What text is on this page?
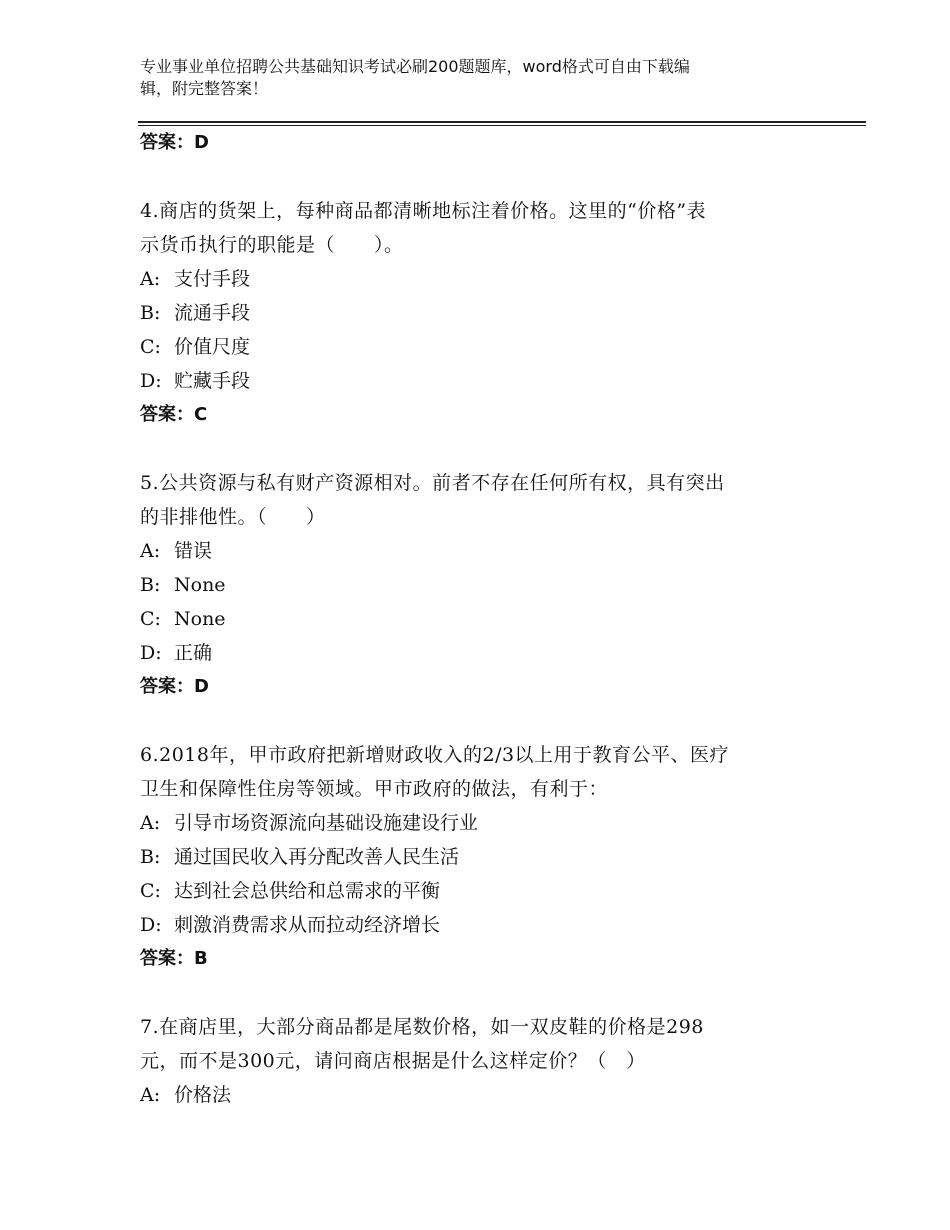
专业事业单位招聘公共基础知识考试必刷200题题库，word格式可自由下载编
辑，附完整答案！

答案：D

4.商店的货架上，每种商品都清晰地标注着价格。这里的“价格”表
示货币执行的职能是（　　）。

A: 支付手段

B: 流通手段

C: 价值尺度

D: 贮藏手段

答案：C

5.公共资源与私有财产资源相对。前者不存在任何所有权，具有突出
的非排他性。（　　）

A: 错误

B: None

C: None

D: 正确

答案：D

6.2018年，甲市政府把新增财政收入的2/3以上用于教育公平、医疗
卫生和保障性住房等领域。甲市政府的做法，有利于：

A: 引导市场资源流向基础设施建设行业

B: 通过国民收入再分配改善人民生活

C: 达到社会总供给和总需求的平衡

D: 刺激消费需求从而拉动经济增长

答案：B

7.在商店里，大部分商品都是尾数价格，如一双皮鞋的价格是298
元，而不是300元，请问商店根据是什么这样定价？（　）

A: 价格法
